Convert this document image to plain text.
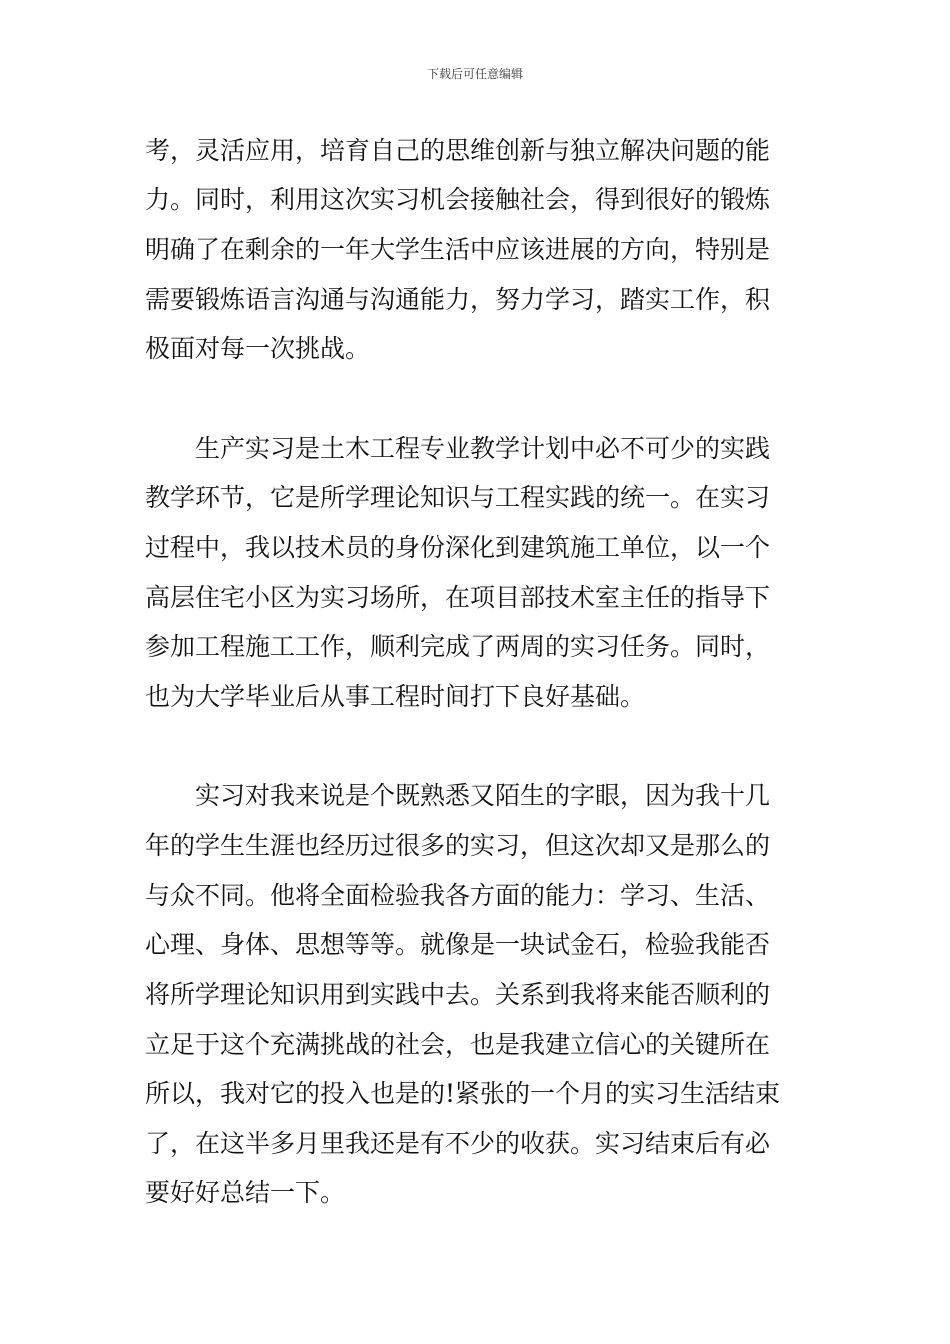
下载后可任意编辑
考，灵活应用，培育自己的思维创新与独立解决问题的能
力。同时，利用这次实习机会接触社会，得到很好的锻炼
明确了在剩余的一年大学生活中应该进展的方向，特别是
需要锻炼语言沟通与沟通能力，努力学习，踏实工作，积
极面对每一次挑战。
生产实习是土木工程专业教学计划中必不可少的实践
教学环节，它是所学理论知识与工程实践的统一。在实习
过程中，我以技术员的身份深化到建筑施工单位，以一个
高层住宅小区为实习场所，在项目部技术室主任的指导下
参加工程施工工作，顺利完成了两周的实习任务。同时，
也为大学毕业后从事工程时间打下良好基础。
实习对我来说是个既熟悉又陌生的字眼，因为我十几
年的学生生涯也经历过很多的实习，但这次却又是那么的
与众不同。他将全面检验我各方面的能力：学习、生活、
心理、身体、思想等等。就像是一块试金石，检验我能否
将所学理论知识用到实践中去。关系到我将来能否顺利的
立足于这个充满挑战的社会，也是我建立信心的关键所在
所以，我对它的投入也是的!紧张的一个月的实习生活结束
了，在这半多月里我还是有不少的收获。实习结束后有必
要好好总结一下。
